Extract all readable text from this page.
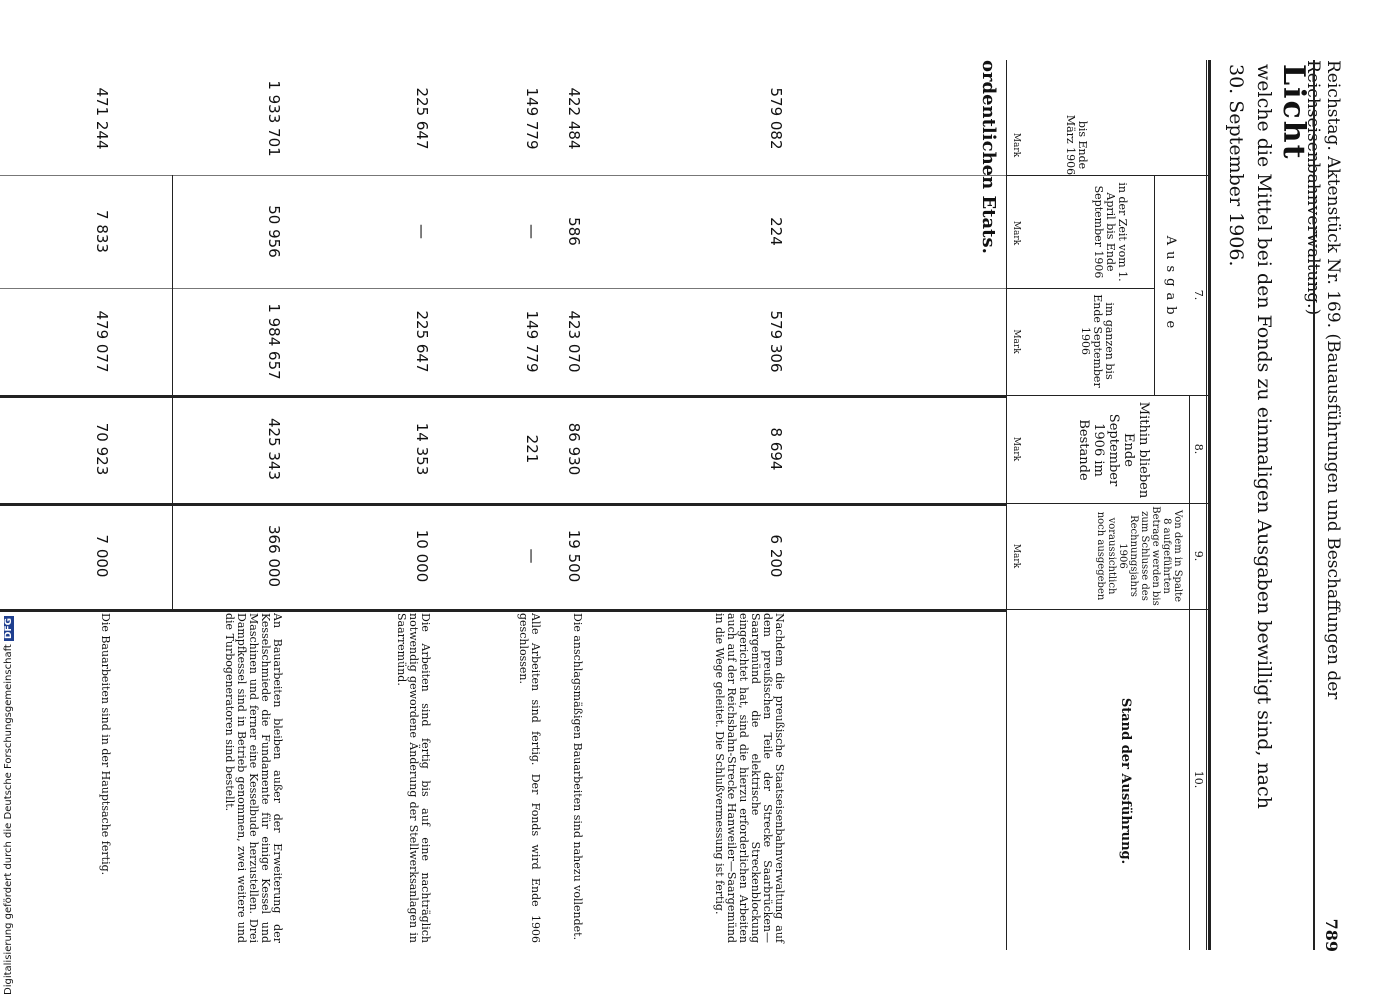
Reichstag. Aktenstück Nr. 169. (Bauausführungen und Beschaffungen der Reichseisenbahnverwaltung.)
789
Licht
welche die Mittel bei den Fonds zu einmaligen Ausgaben bewilligt sind, nach
30. September 1906.
7.
8.
9.
10.
Ausgabe
bis Ende März 1906
in der Zeit vom 1. April bis Ende September 1906
im ganzen bis Ende September 1906
Mithin blieben Ende September 1906 im Bestande
Von dem in Spalte 8 aufgeführten Betrage werden bis zum Schlusse des Rechnungsjahrs 1906 voraussichtlich noch ausgegeben
Stand der Ausführung.
Mark
Mark
Mark
Mark
Mark
ordentlichen Etats.
579 082
224
579 306
8 694
6 200
Nachdem die preußische Staatseisenbahnverwaltung auf dem preußischen Teile der Strecke Saarbrücken—Saargemünd die elektrische Streckenblockung eingerichtet hat, sind die hierzu erforderlichen Arbeiten auch auf der Reichsbahn-Strecke Hanweiler—Saargemünd in die Wege geleitet. Die Schlußvermessung ist fertig.
422 484
586
423 070
86 930
19 500
Die anschlagsmäßigen Bauarbeiten sind nahezu vollendet.
149 779
—
149 779
221
—
Alle Arbeiten sind fertig. Der Fonds wird Ende 1906 geschlossen.
225 647
—
225 647
14 353
10 000
Die Arbeiten sind fertig bis auf eine nachträglich notwendig gewordene Änderung der Stellwerksanlagen in Saarremünd.
1 933 701
50 956
1 984 657
425 343
366 000
An Bauarbeiten bleiben außer der Erweiterung der Kesselschmiede die Fundamente für einige Kessel und Maschinen und ferner eine Kesselbude herzustellen. Drei Dampfkessel sind in Betrieb genommen, zwei weitere und die Turbogeneratoren sind bestellt.
471 244
7 833
479 077
70 923
7 000
Die Bauarbeiten sind in der Hauptsache fertig.
Digitalisierung gefördert durch die Deutsche Forschungsgemeinschaft DFG
